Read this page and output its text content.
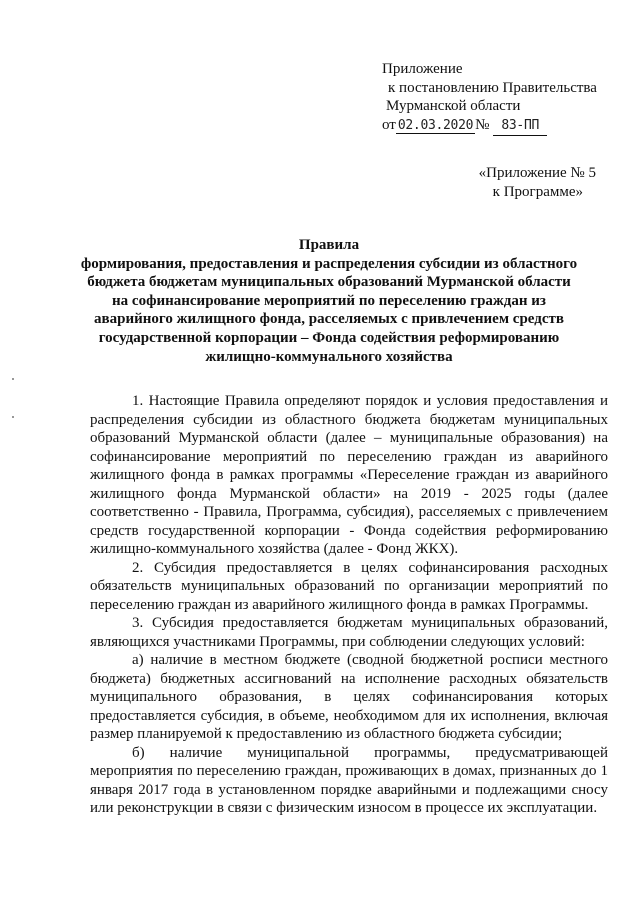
Приложение
к постановлению Правительства
Мурманской области
от 02.03.2020 № 83-ПП
«Приложение № 5
к Программе»
Правила
формирования, предоставления и распределения субсидии из областного
бюджета бюджетам муниципальных образований Мурманской области
на софинансирование мероприятий по переселению граждан из
аварийного жилищного фонда, расселяемых с привлечением средств
государственной корпорации – Фонда содействия реформированию
жилищно-коммунального хозяйства

1. Настоящие Правила определяют порядок и условия предоставления и распределения субсидии из областного бюджета бюджетам муниципальных образований Мурманской области (далее – муниципальные образования) на софинансирование мероприятий по переселению граждан из аварийного жилищного фонда в рамках программы «Переселение граждан из аварийного жилищного фонда Мурманской области» на 2019 - 2025 годы (далее соответственно - Правила, Программа, субсидия), расселяемых с привлечением средств государственной корпорации - Фонда содействия реформированию жилищно-коммунального хозяйства (далее - Фонд ЖКХ).

2. Субсидия предоставляется в целях софинансирования расходных обязательств муниципальных образований по организации мероприятий по переселению граждан из аварийного жилищного фонда в рамках Программы.

3. Субсидия предоставляется бюджетам муниципальных образований, являющихся участниками Программы, при соблюдении следующих условий:

а) наличие в местном бюджете (сводной бюджетной росписи местного бюджета) бюджетных ассигнований на исполнение расходных обязательств муниципального образования, в целях софинансирования которых предоставляется субсидия, в объеме, необходимом для их исполнения, включая размер планируемой к предоставлению из областного бюджета субсидии;

б) наличие муниципальной программы, предусматривающей мероприятия по переселению граждан, проживающих в домах, признанных до 1 января 2017 года в установленном порядке аварийными и подлежащими сносу или реконструкции в связи с физическим износом в процессе их эксплуатации.
